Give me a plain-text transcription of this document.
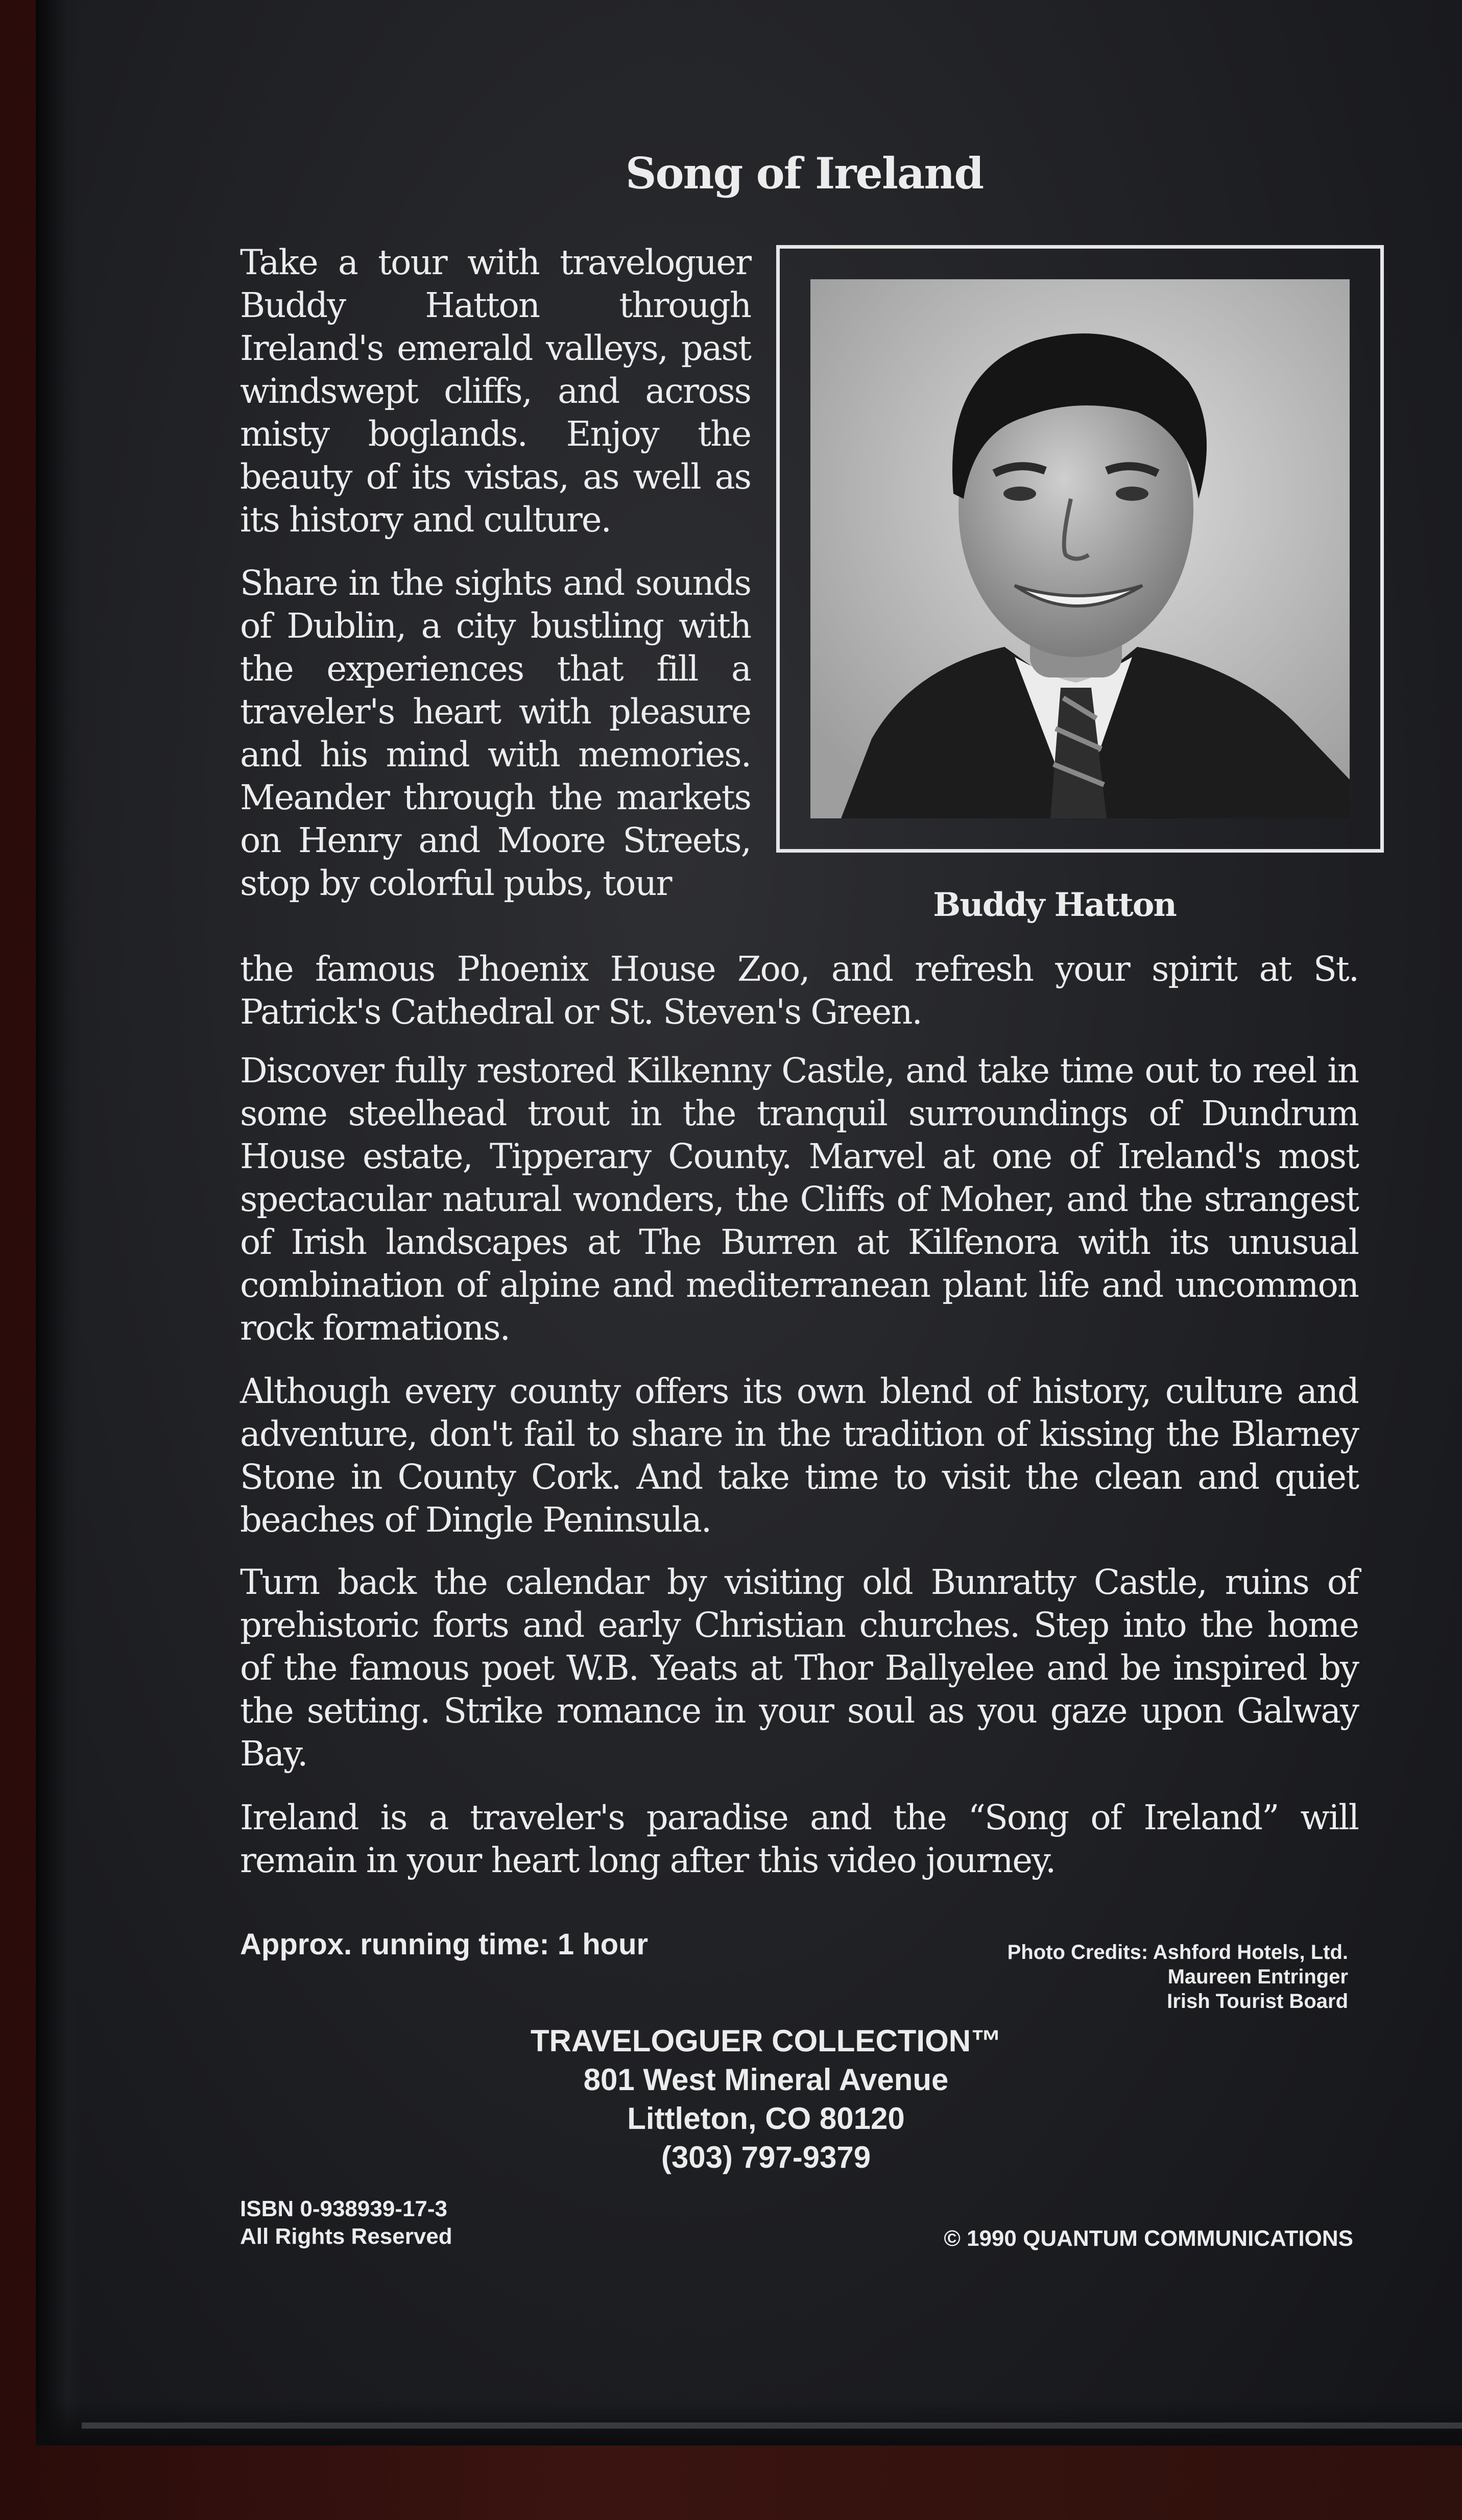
Song of Ireland
Buddy Hatton

Take a tour with traveloguer Buddy Hatton through Ireland's emerald valleys, past windswept cliffs, and across misty boglands. Enjoy the beauty of its vistas, as well as its history and culture.

Share in the sights and sounds of Dublin, a city bustling with the experiences that fill a traveler's heart with pleasure and his mind with memories. Meander through the markets on Henry and Moore Streets, stop by colorful pubs, tour

the famous Phoenix House Zoo, and refresh your spirit at St. Patrick's Cathedral or St. Steven's Green.

Discover fully restored Kilkenny Castle, and take time out to reel in some steelhead trout in the tranquil surroundings of Dundrum House estate, Tipperary County. Marvel at one of Ireland's most spectacular natural wonders, the Cliffs of Moher, and the strangest of Irish landscapes at The Burren at Kilfenora with its unusual combination of alpine and mediterranean plant life and uncommon rock formations.

Although every county offers its own blend of history, culture and adventure, don't fail to share in the tradition of kissing the Blarney Stone in County Cork. And take time to visit the clean and quiet beaches of Dingle Peninsula.

Turn back the calendar by visiting old Bunratty Castle, ruins of prehistoric forts and early Christian churches. Step into the home of the famous poet W.B. Yeats at Thor Ballyelee and be inspired by the setting. Strike romance in your soul as you gaze upon Galway Bay.

Ireland is a traveler's paradise and the “Song of Ireland” will remain in your heart long after this video journey.

Approx. running time: 1 hour	Photo Credits: Ashford Hotels, Ltd.
Maureen Entringer
Irish Tourist Board
TRAVELOGUER COLLECTION™
801 West Mineral Avenue
Littleton, CO 80120
(303) 797-9379
ISBN 0-938939-17-3
All Rights Reserved	© 1990 QUANTUM COMMUNICATIONS
